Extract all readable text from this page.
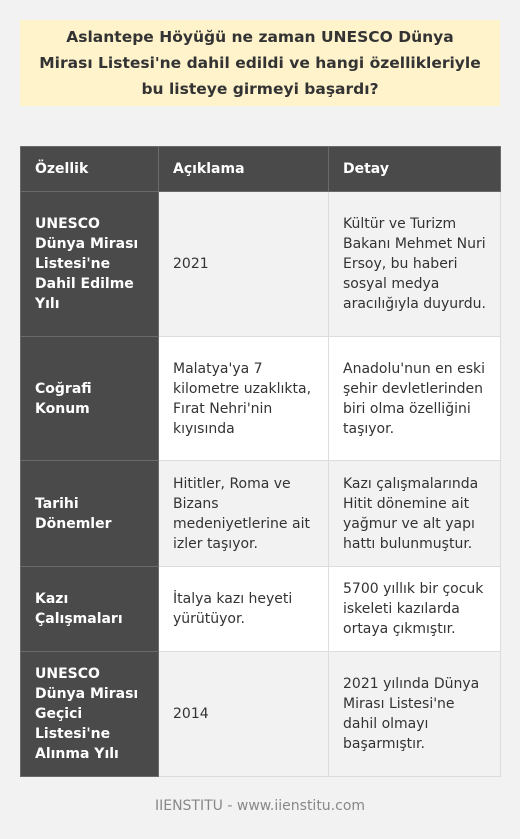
Aslantepe Höyüğü ne zaman UNESCO Dünya Mirası Listesi'ne dahil edildi ve hangi özellikleriyle bu listeye girmeyi başardı?
Özellik	Açıklama	Detay
UNESCO Dünya Mirası Listesi'ne Dahil Edilme Yılı	2021	Kültür ve Turizm Bakanı Mehmet Nuri Ersoy, bu haberi sosyal medya aracılığıyla duyurdu.
Coğrafi Konum	Malatya'ya 7 kilometre uzaklıkta, Fırat Nehri'nin kıyısında	Anadolu'nun en eski şehir devletlerinden biri olma özelliğini taşıyor.
Tarihi Dönemler	Hititler, Roma ve Bizans medeniyetlerine ait izler taşıyor.	Kazı çalışmalarında Hitit dönemine ait yağmur ve alt yapı hattı bulunmuştur.
Kazı Çalışmaları	İtalya kazı heyeti yürütüyor.	5700 yıllık bir çocuk iskeleti kazılarda ortaya çıkmıştır.
UNESCO Dünya Mirası Geçici Listesi'ne Alınma Yılı	2014	2021 yılında Dünya Mirası Listesi'ne dahil olmayı başarmıştır.
IIENSTITU - www.iienstitu.com
